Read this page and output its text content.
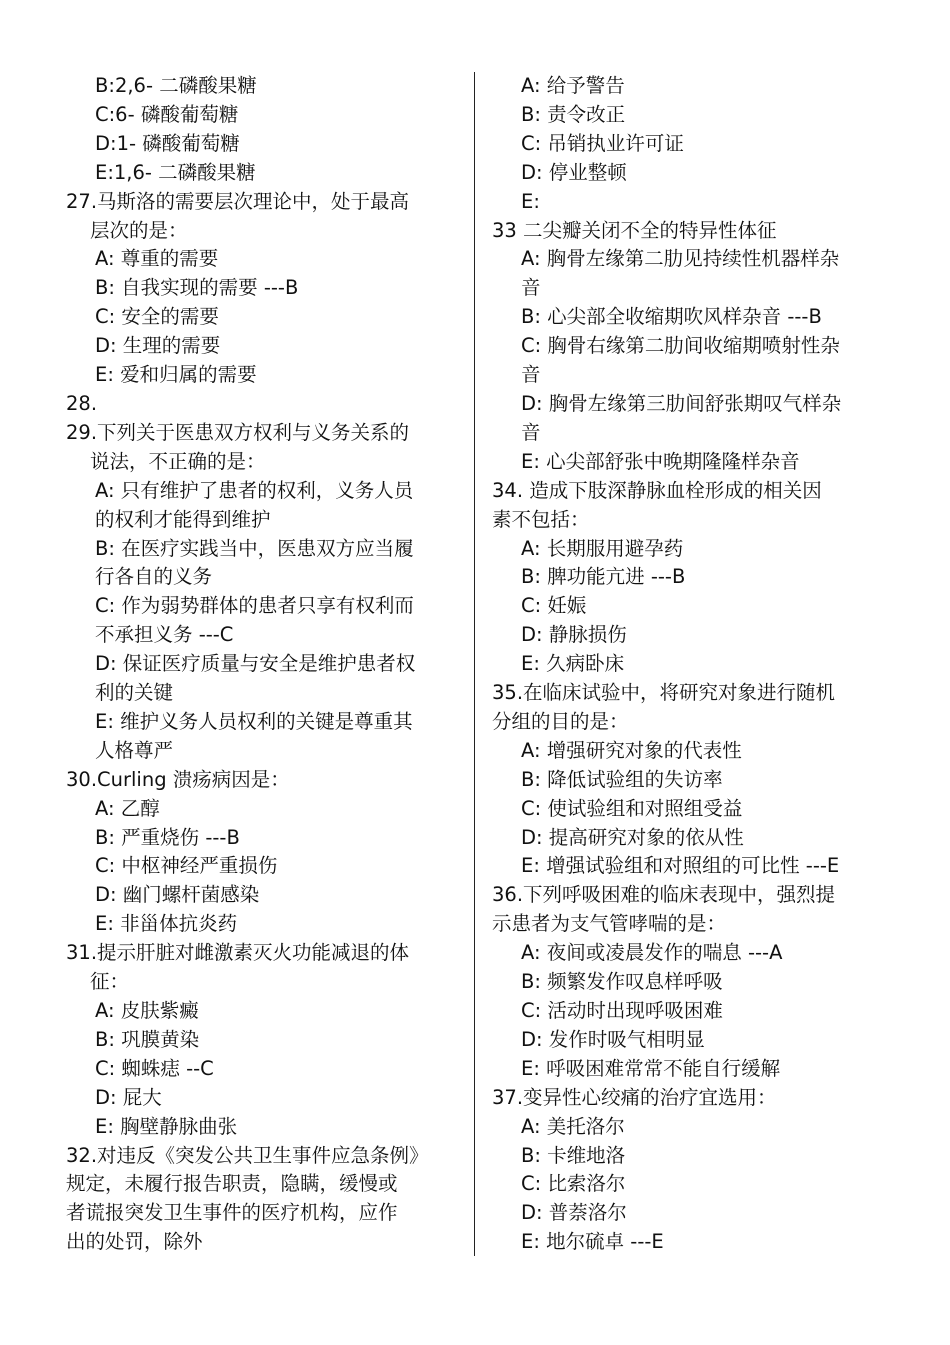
B:2,6- 二磷酸果糖
C:6- 磷酸葡萄糖
D:1- 磷酸葡萄糖
E:1,6- 二磷酸果糖
27.马斯洛的需要层次理论中，处于最高
层次的是：
A: 尊重的需要
B: 自我实现的需要 ---B
C: 安全的需要
D: 生理的需要
E: 爱和归属的需要
28.
29.下列关于医患双方权利与义务关系的
说法，不正确的是：
A: 只有维护了患者的权利，义务人员
的权利才能得到维护
B: 在医疗实践当中，医患双方应当履
行各自的义务
C: 作为弱势群体的患者只享有权利而
不承担义务 ---C
D: 保证医疗质量与安全是维护患者权
利的关键
E: 维护义务人员权利的关键是尊重其
人格尊严
30.Curling 溃疡病因是：
A: 乙醇
B: 严重烧伤 ---B
C: 中枢神经严重损伤
D: 幽门螺杆菌感染
E: 非甾体抗炎药
31.提示肝脏对雌激素灭火功能减退的体
征：
A: 皮肤紫癜
B: 巩膜黄染
C: 蜘蛛痣 --C
D: 屁大
E: 胸壁静脉曲张
32.对违反《突发公共卫生事件应急条例》
规定，未履行报告职责，隐瞒，缓慢或
者谎报突发卫生事件的医疗机构，应作
出的处罚，除外
A: 给予警告
B: 责令改正
C: 吊销执业许可证
D: 停业整顿
E:
33 二尖瓣关闭不全的特异性体征
A: 胸骨左缘第二肋见持续性机器样杂
音
B: 心尖部全收缩期吹风样杂音 ---B
C: 胸骨右缘第二肋间收缩期喷射性杂
音
D: 胸骨左缘第三肋间舒张期叹气样杂
音
E: 心尖部舒张中晚期隆隆样杂音
34. 造成下肢深静脉血栓形成的相关因
素不包括：
A: 长期服用避孕药
B: 脾功能亢进 ---B
C: 妊娠
D: 静脉损伤
E: 久病卧床
35.在临床试验中，将研究对象进行随机
分组的目的是：
A: 增强研究对象的代表性
B: 降低试验组的失访率
C: 使试验组和对照组受益
D: 提高研究对象的依从性
E: 增强试验组和对照组的可比性 ---E
36.下列呼吸困难的临床表现中，强烈提
示患者为支气管哮喘的是：
A: 夜间或凌晨发作的喘息 ---A
B: 频繁发作叹息样呼吸
C: 活动时出现呼吸困难
D: 发作时吸气相明显
E: 呼吸困难常常不能自行缓解
37.变异性心绞痛的治疗宜选用：
A: 美托洛尔
B: 卡维地洛
C: 比索洛尔
D: 普萘洛尔
E: 地尔硫卓 ---E
